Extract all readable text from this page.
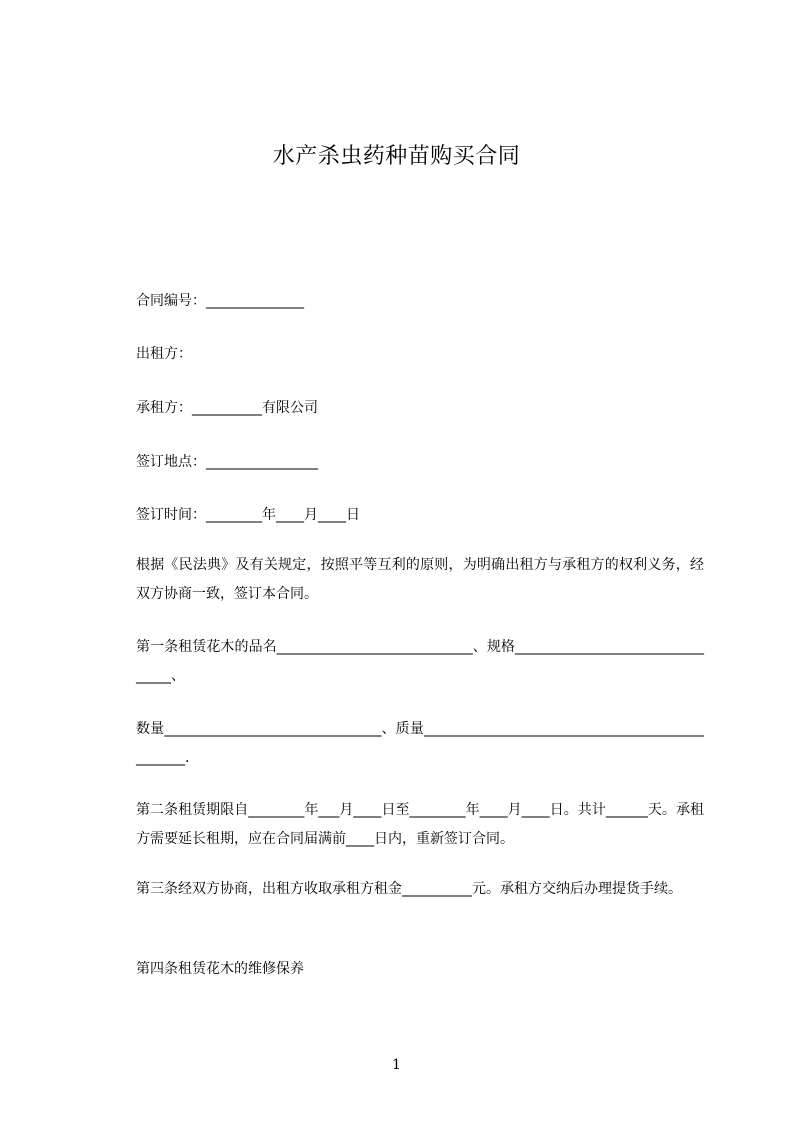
水产杀虫药种苗购买合同
合同编号：______________
出租方：
承租方：__________有限公司
签订地点：________________
签订时间：________年____月____日
根据《民法典》及有关规定，按照平等互利的原则，为明确出租方与承租方的权利义务，经双方协商一致，签订本合同。
第一条租赁花木的品名____________________________、规格________________________________、
数量_______________________________、质量_______________________________________________.
第二条租赁期限自________年___月____日至________年____月____日。共计______天。承租方需要延长租期，应在合同届满前____日内，重新签订合同。
第三条经双方协商，出租方收取承租方租金__________元。承租方交纳后办理提货手续。
第四条租赁花木的维修保养
1
